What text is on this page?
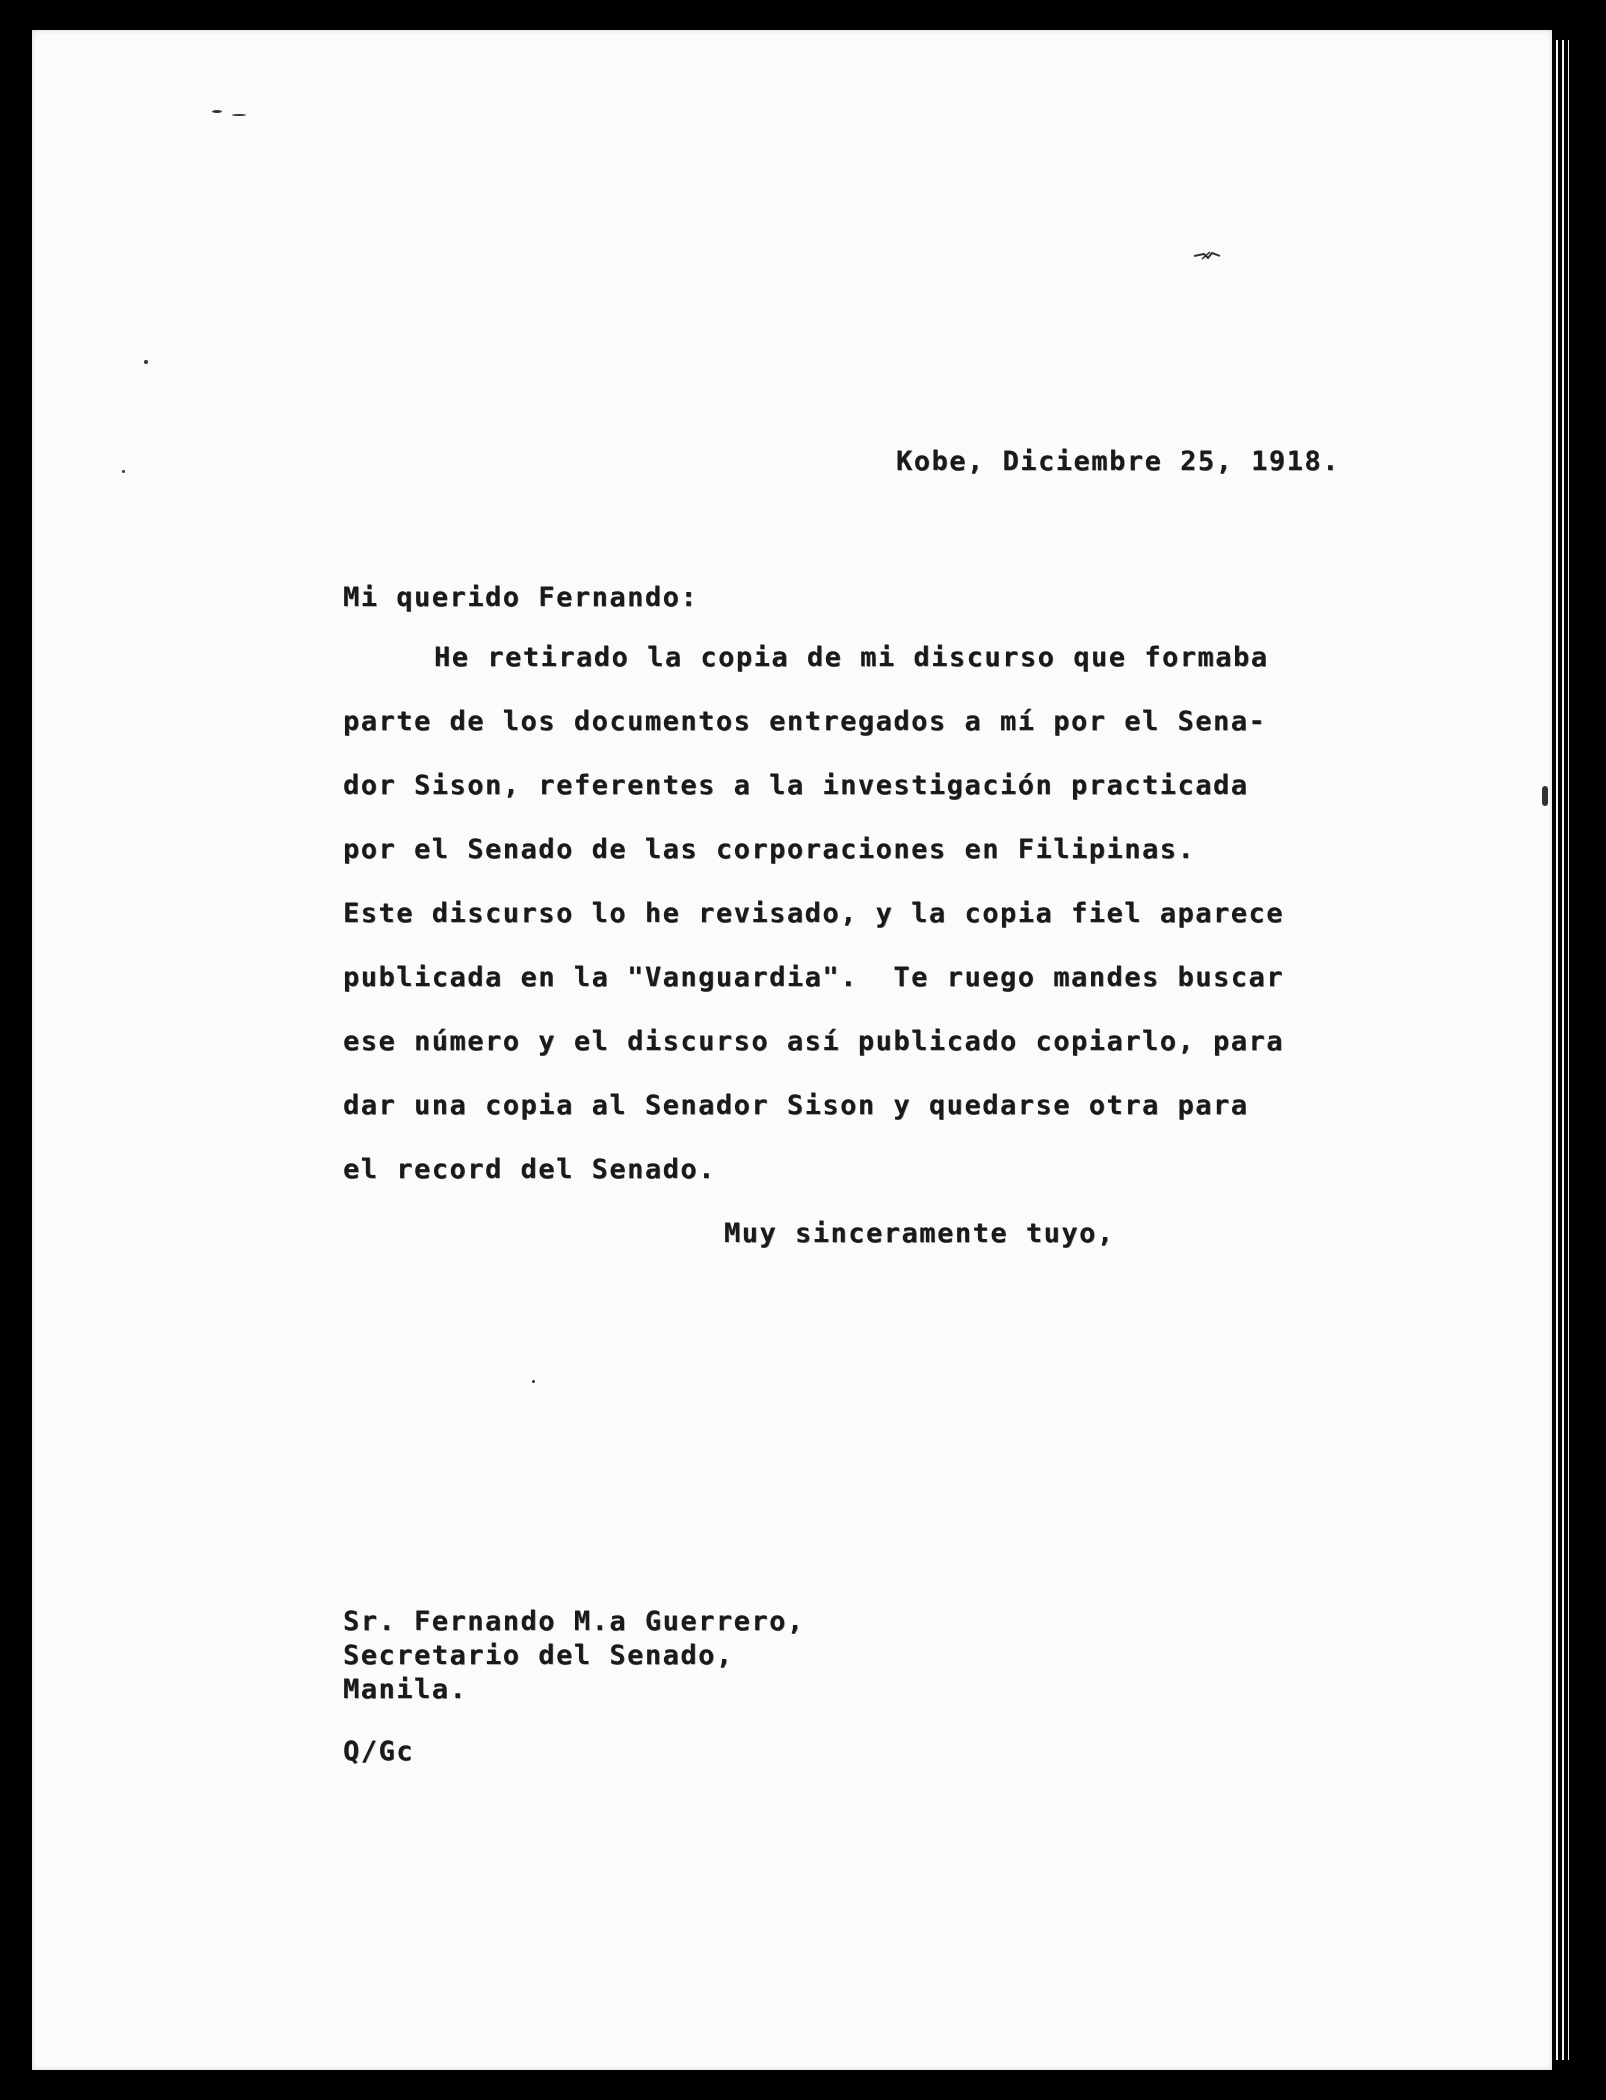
Kobe, Diciembre 25, 1918.
Mi querido Fernando:
He retirado la copia de mi discurso que formaba
parte de los documentos entregados a mí por el Sena-
dor Sison, referentes a la investigación practicada
por el Senado de las corporaciones en Filipinas.
Este discurso lo he revisado, y la copia fiel aparece
publicada en la "Vanguardia".  Te ruego mandes buscar
ese número y el discurso así publicado copiarlo, para
dar una copia al Senador Sison y quedarse otra para
el record del Senado.
Muy sinceramente tuyo,
Sr. Fernando M.a Guerrero,
Secretario del Senado,
Manila.
Q/Gc
